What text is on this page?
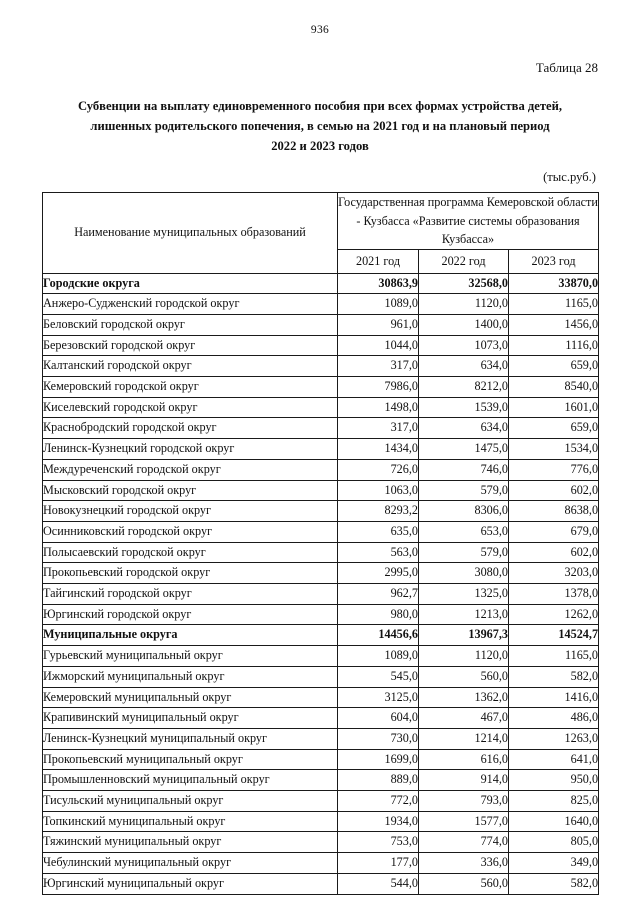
936
Таблица 28
Субвенции на выплату единовременного пособия при всех формах устройства детей,
лишенных родительского попечения, в семью на 2021 год и на плановый период
2022 и 2023 годов
(тыс.руб.)
Наименование муниципальных образований	Государственная программа Кемеровской области - Кузбасса «Развитие системы образования Кузбасса»		
	2021 год	2022 год	2023 год
Городские округа	30863,9	32568,0	33870,0
Анжеро-Судженский городской округ	1089,0	1120,0	1165,0
Беловский городской округ	961,0	1400,0	1456,0
Березовский городской округ	1044,0	1073,0	1116,0
Калтанский городской округ	317,0	634,0	659,0
Кемеровский городской округ	7986,0	8212,0	8540,0
Киселевский городской округ	1498,0	1539,0	1601,0
Краснобродский городской округ	317,0	634,0	659,0
Ленинск-Кузнецкий городской округ	1434,0	1475,0	1534,0
Междуреченский городской округ	726,0	746,0	776,0
Мысковский городской округ	1063,0	579,0	602,0
Новокузнецкий городской округ	8293,2	8306,0	8638,0
Осинниковский городской округ	635,0	653,0	679,0
Полысаевский городской округ	563,0	579,0	602,0
Прокопьевский городской округ	2995,0	3080,0	3203,0
Тайгинский городской округ	962,7	1325,0	1378,0
Юргинский городской округ	980,0	1213,0	1262,0
Муниципальные округа	14456,6	13967,3	14524,7
Гурьевский муниципальный округ	1089,0	1120,0	1165,0
Ижморский муниципальный округ	545,0	560,0	582,0
Кемеровский муниципальный округ	3125,0	1362,0	1416,0
Крапивинский муниципальный округ	604,0	467,0	486,0
Ленинск-Кузнецкий муниципальный округ	730,0	1214,0	1263,0
Прокопьевский муниципальный округ	1699,0	616,0	641,0
Промышленновский муниципальный округ	889,0	914,0	950,0
Тисульский муниципальный округ	772,0	793,0	825,0
Топкинский муниципальный округ	1934,0	1577,0	1640,0
Тяжинский муниципальный округ	753,0	774,0	805,0
Чебулинский муниципальный округ	177,0	336,0	349,0
Юргинский муниципальный округ	544,0	560,0	582,0
